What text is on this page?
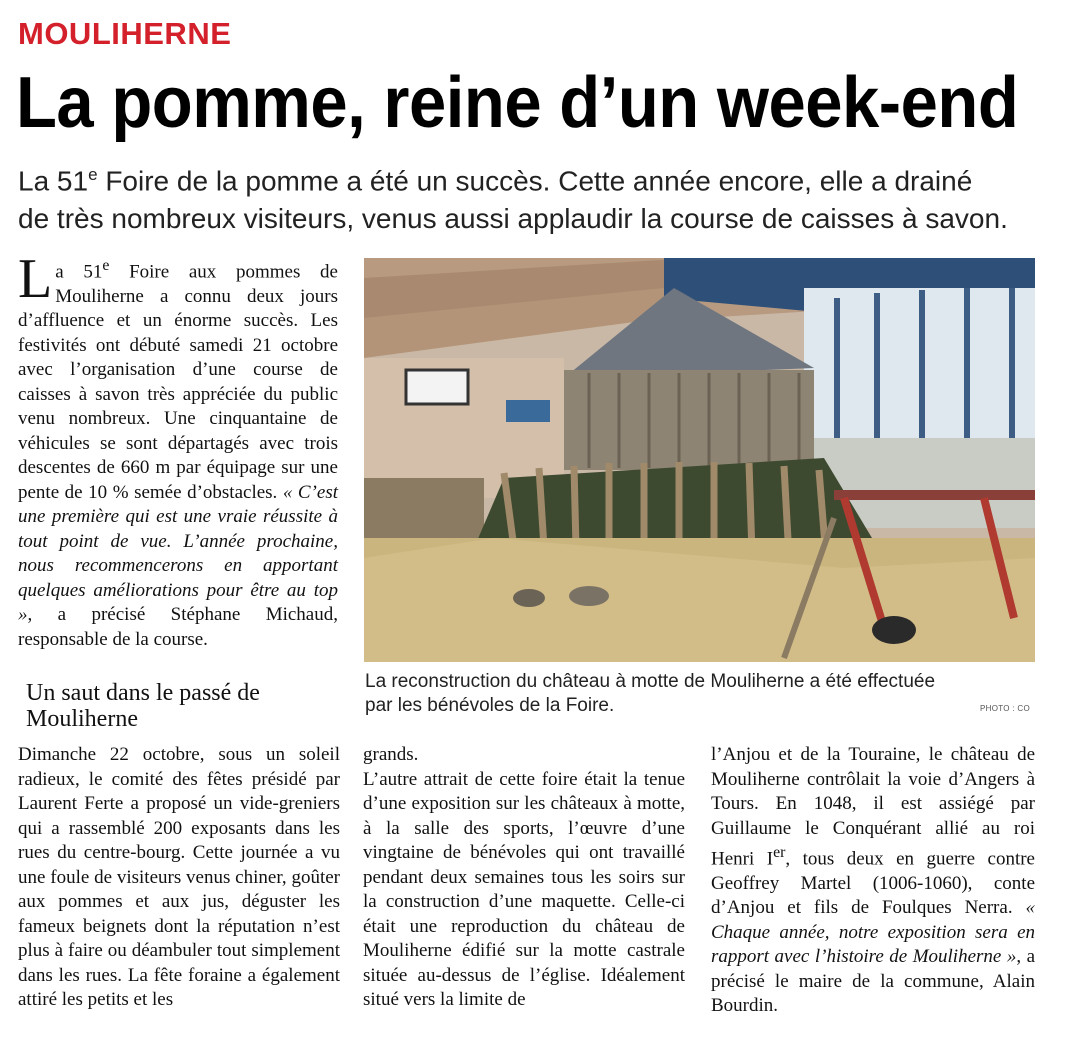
MOULIHERNE
La pomme, reine d’un week-end

La 51e Foire de la pomme a été un succès. Cette année encore, elle a drainé

de très nombreux visiteurs, venus aussi applaudir la course de caisses à savon.

La 51e Foire aux pommes de Mouliherne a connu deux jours d’affluence et un énorme succès. Les festivités ont débuté samedi 21 octobre avec l’organisation d’une course de caisses à savon très appréciée du public venu nombreux. Une cinquantaine de véhicules se sont départagés avec trois descentes de 660 m par équipage sur une pente de 10 % semée d’obstacles. « C’est une première qui est une vraie réussite à tout point de vue. L’année prochaine, nous recommencerons en apportant quelques améliorations pour être au top », a précisé Stéphane Michaud, responsable de la course.

Un saut dans le passé de Mouliherne

La reconstruction du château à motte de Mouliherne a été effectuée

par les bénévoles de la Foire.	PHOTO : CO

Dimanche 22 octobre, sous un soleil radieux, le comité des fêtes présidé par Laurent Ferte a proposé un vide-greniers qui a rassemblé 200 exposants dans les rues du centre-bourg. Cette journée a vu une foule de visiteurs venus chiner, goûter aux pommes et aux jus, déguster les fameux beignets dont la réputation n’est plus à faire ou déambuler tout simplement dans les rues. La fête foraine a également attiré les petits et les

grands.

L’autre attrait de cette foire était la tenue d’une exposition sur les châteaux à motte, à la salle des sports, l’œuvre d’une vingtaine de bénévoles qui ont travaillé pendant deux semaines tous les soirs sur la construction d’une maquette. Celle-ci était une reproduction du château de Mouliherne édifié sur la motte castrale située au-dessus de l’église. Idéalement situé vers la limite de

l’Anjou et de la Touraine, le château de Mouliherne contrôlait la voie d’Angers à Tours. En 1048, il est assiégé par Guillaume le Conquérant allié au roi Henri Ier, tous deux en guerre contre Geoffrey Martel (1006-1060), conte d’Anjou et fils de Foulques Nerra. « Chaque année, notre exposition sera en rapport avec l’histoire de Mouliherne », a précisé le maire de la commune, Alain Bourdin.
